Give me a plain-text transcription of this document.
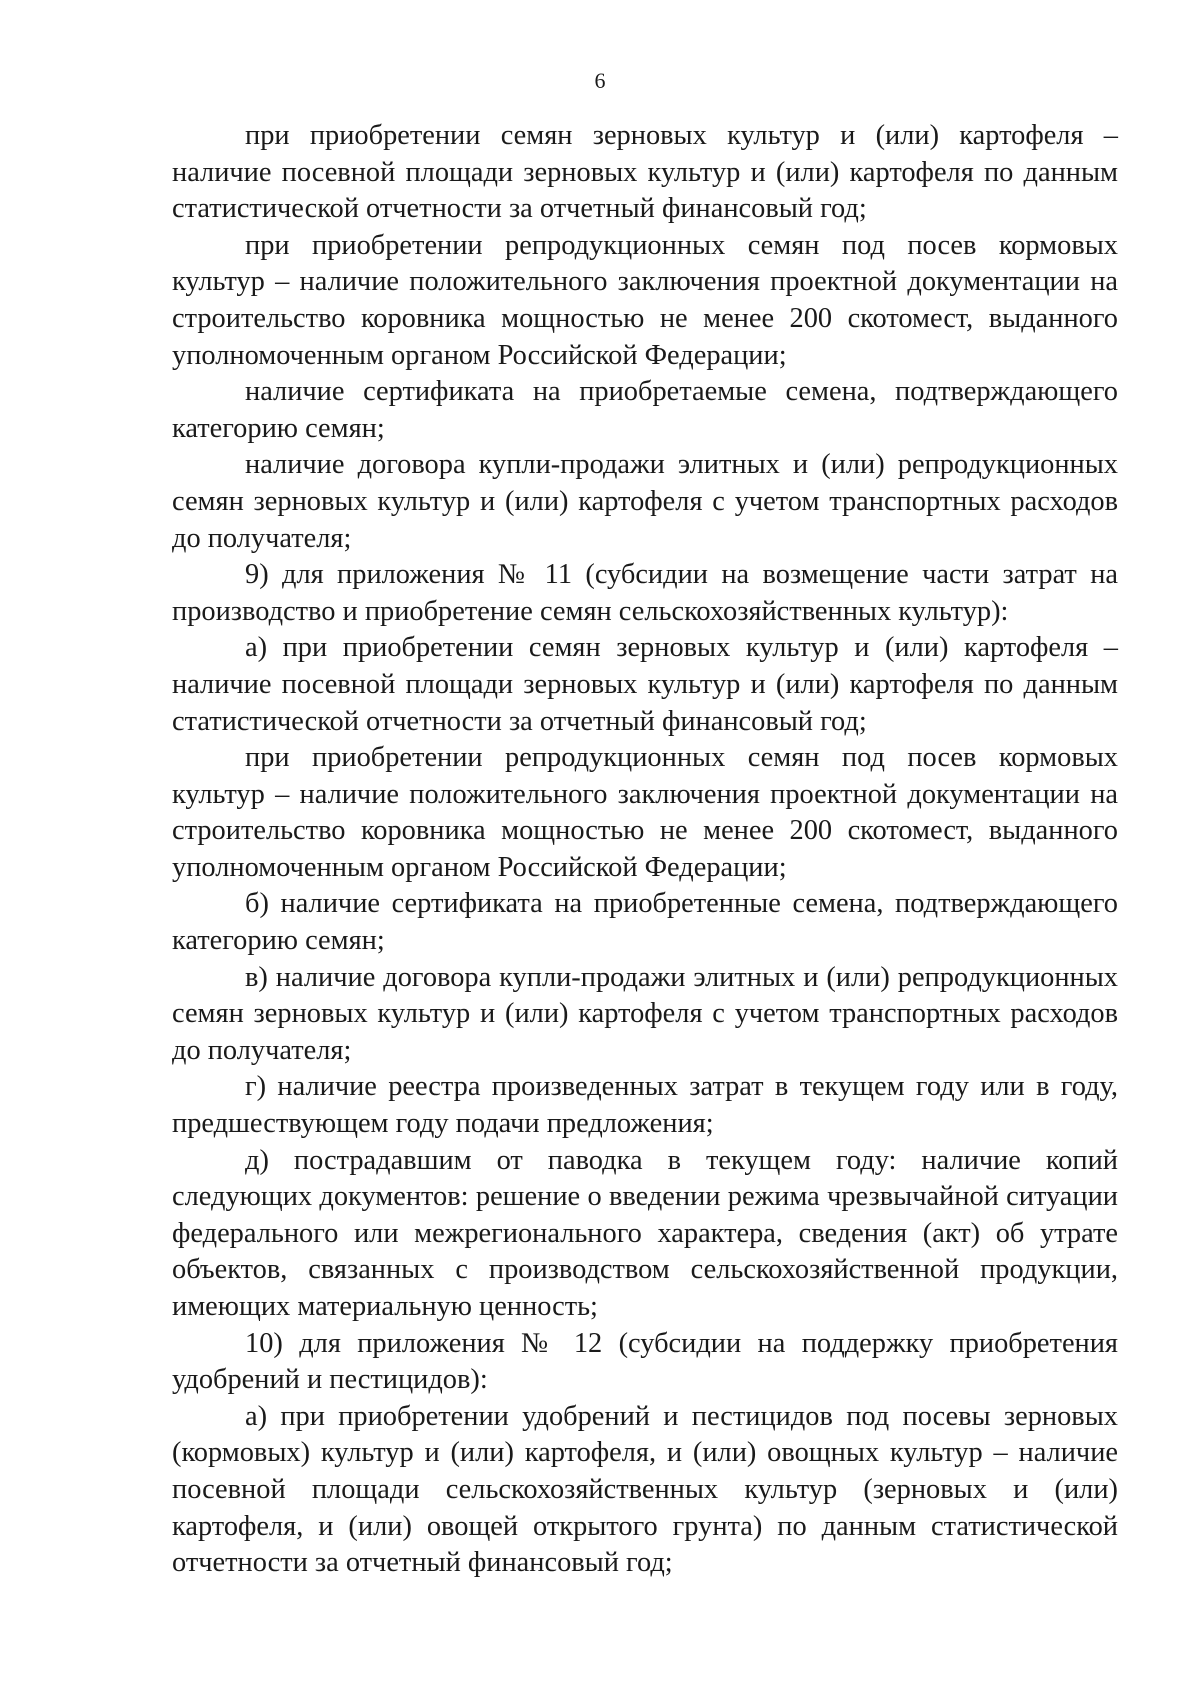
6

при приобретении семян зерновых культур и (или) картофеля – наличие посевной площади зерновых культур и (или) картофеля по данным статистической отчетности за отчетный финансовый год;

при приобретении репродукционных семян под посев кормовых культур – наличие положительного заключения проектной документации на строительство коровника мощностью не менее 200 скотомест, выданного уполномоченным органом Российской Федерации;

наличие сертификата на приобретаемые семена, подтверждающего категорию семян;

наличие договора купли-продажи элитных и (или) репродукционных семян зерновых культур и (или) картофеля с учетом транспортных расходов до получателя;

9) для приложения № 11 (субсидии на возмещение части затрат на производство и приобретение семян сельскохозяйственных культур):

а) при приобретении семян зерновых культур и (или) картофеля – наличие посевной площади зерновых культур и (или) картофеля по данным статистической отчетности за отчетный финансовый год;

при приобретении репродукционных семян под посев кормовых культур – наличие положительного заключения проектной документации на строительство коровника мощностью не менее 200 скотомест, выданного уполномоченным органом Российской Федерации;

б) наличие сертификата на приобретенные семена, подтверждающего категорию семян;

в) наличие договора купли-продажи элитных и (или) репродукционных семян зерновых культур и (или) картофеля с учетом транспортных расходов до получателя;

г) наличие реестра произведенных затрат в текущем году или в году, предшествующем году подачи предложения;

д) пострадавшим от паводка в текущем году: наличие копий следующих документов: решение о введении режима чрезвычайной ситуации федерального или межрегионального характера, сведения (акт) об утрате объектов, связанных с производством сельскохозяйственной продукции, имеющих материальную ценность;

10) для приложения № 12 (субсидии на поддержку приобретения удобрений и пестицидов):

а) при приобретении удобрений и пестицидов под посевы зерновых (кормовых) культур и (или) картофеля, и (или) овощных культур – наличие посевной площади сельскохозяйственных культур (зерновых и (или) картофеля, и (или) овощей открытого грунта) по данным статистической отчетности за отчетный финансовый год;
